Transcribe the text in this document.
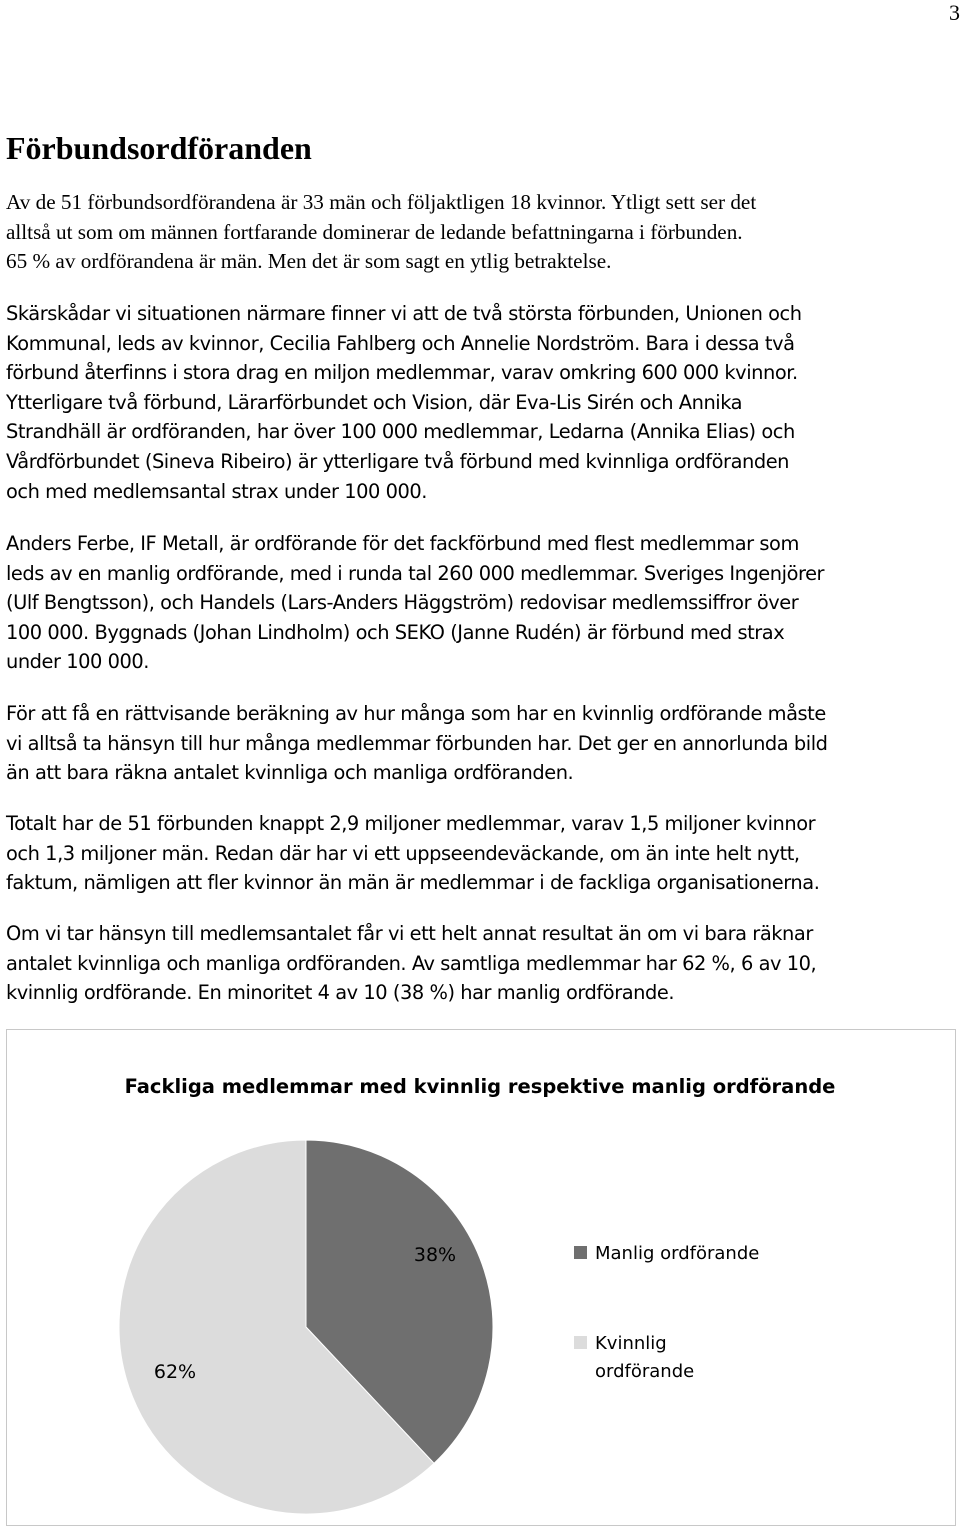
3
Förbundsordföranden
Av de 51 förbundsordförandena är 33 män och följaktligen 18 kvinnor. Ytligt sett ser det
alltså ut som om männen fortfarande dominerar de ledande befattningarna i förbunden.
65 % av ordförandena är män. Men det är som sagt en ytlig betraktelse.
Skärskådar vi situationen närmare finner vi att de två största förbunden, Unionen och
Kommunal, leds av kvinnor, Cecilia Fahlberg och Annelie Nordström. Bara i dessa två
förbund återfinns i stora drag en miljon medlemmar, varav omkring 600 000 kvinnor.
Ytterligare två förbund, Lärarförbundet och Vision, där Eva-Lis Sirén och Annika
Strandhäll är ordföranden, har över 100 000 medlemmar, Ledarna (Annika Elias) och
Vårdförbundet (Sineva Ribeiro) är ytterligare två förbund med kvinnliga ordföranden
och med medlemsantal strax under 100 000.
Anders Ferbe, IF Metall, är ordförande för det fackförbund med flest medlemmar som
leds av en manlig ordförande, med i runda tal 260 000 medlemmar. Sveriges Ingenjörer
(Ulf Bengtsson), och Handels (Lars-Anders Häggström) redovisar medlemssiffror över
100 000. Byggnads (Johan Lindholm) och SEKO (Janne Rudén) är förbund med strax
under 100 000.
För att få en rättvisande beräkning av hur många som har en kvinnlig ordförande måste
vi alltså ta hänsyn till hur många medlemmar förbunden har. Det ger en annorlunda bild
än att bara räkna antalet kvinnliga och manliga ordföranden.
Totalt har de 51 förbunden knappt 2,9 miljoner medlemmar, varav 1,5 miljoner kvinnor
och 1,3 miljoner män. Redan där har vi ett uppseendeväckande, om än inte helt nytt,
faktum, nämligen att fler kvinnor än män är medlemmar i de fackliga organisationerna.
Om vi tar hänsyn till medlemsantalet får vi ett helt annat resultat än om vi bara räknar
antalet kvinnliga och manliga ordföranden. Av samtliga medlemmar har 62 %, 6 av 10,
kvinnlig ordförande. En minoritet 4 av 10 (38 %) har manlig ordförande.
Fackliga medlemmar med kvinnlig respektive manlig ordförande
38%
62%
Manlig ordförande
Kvinnlig ordförande
